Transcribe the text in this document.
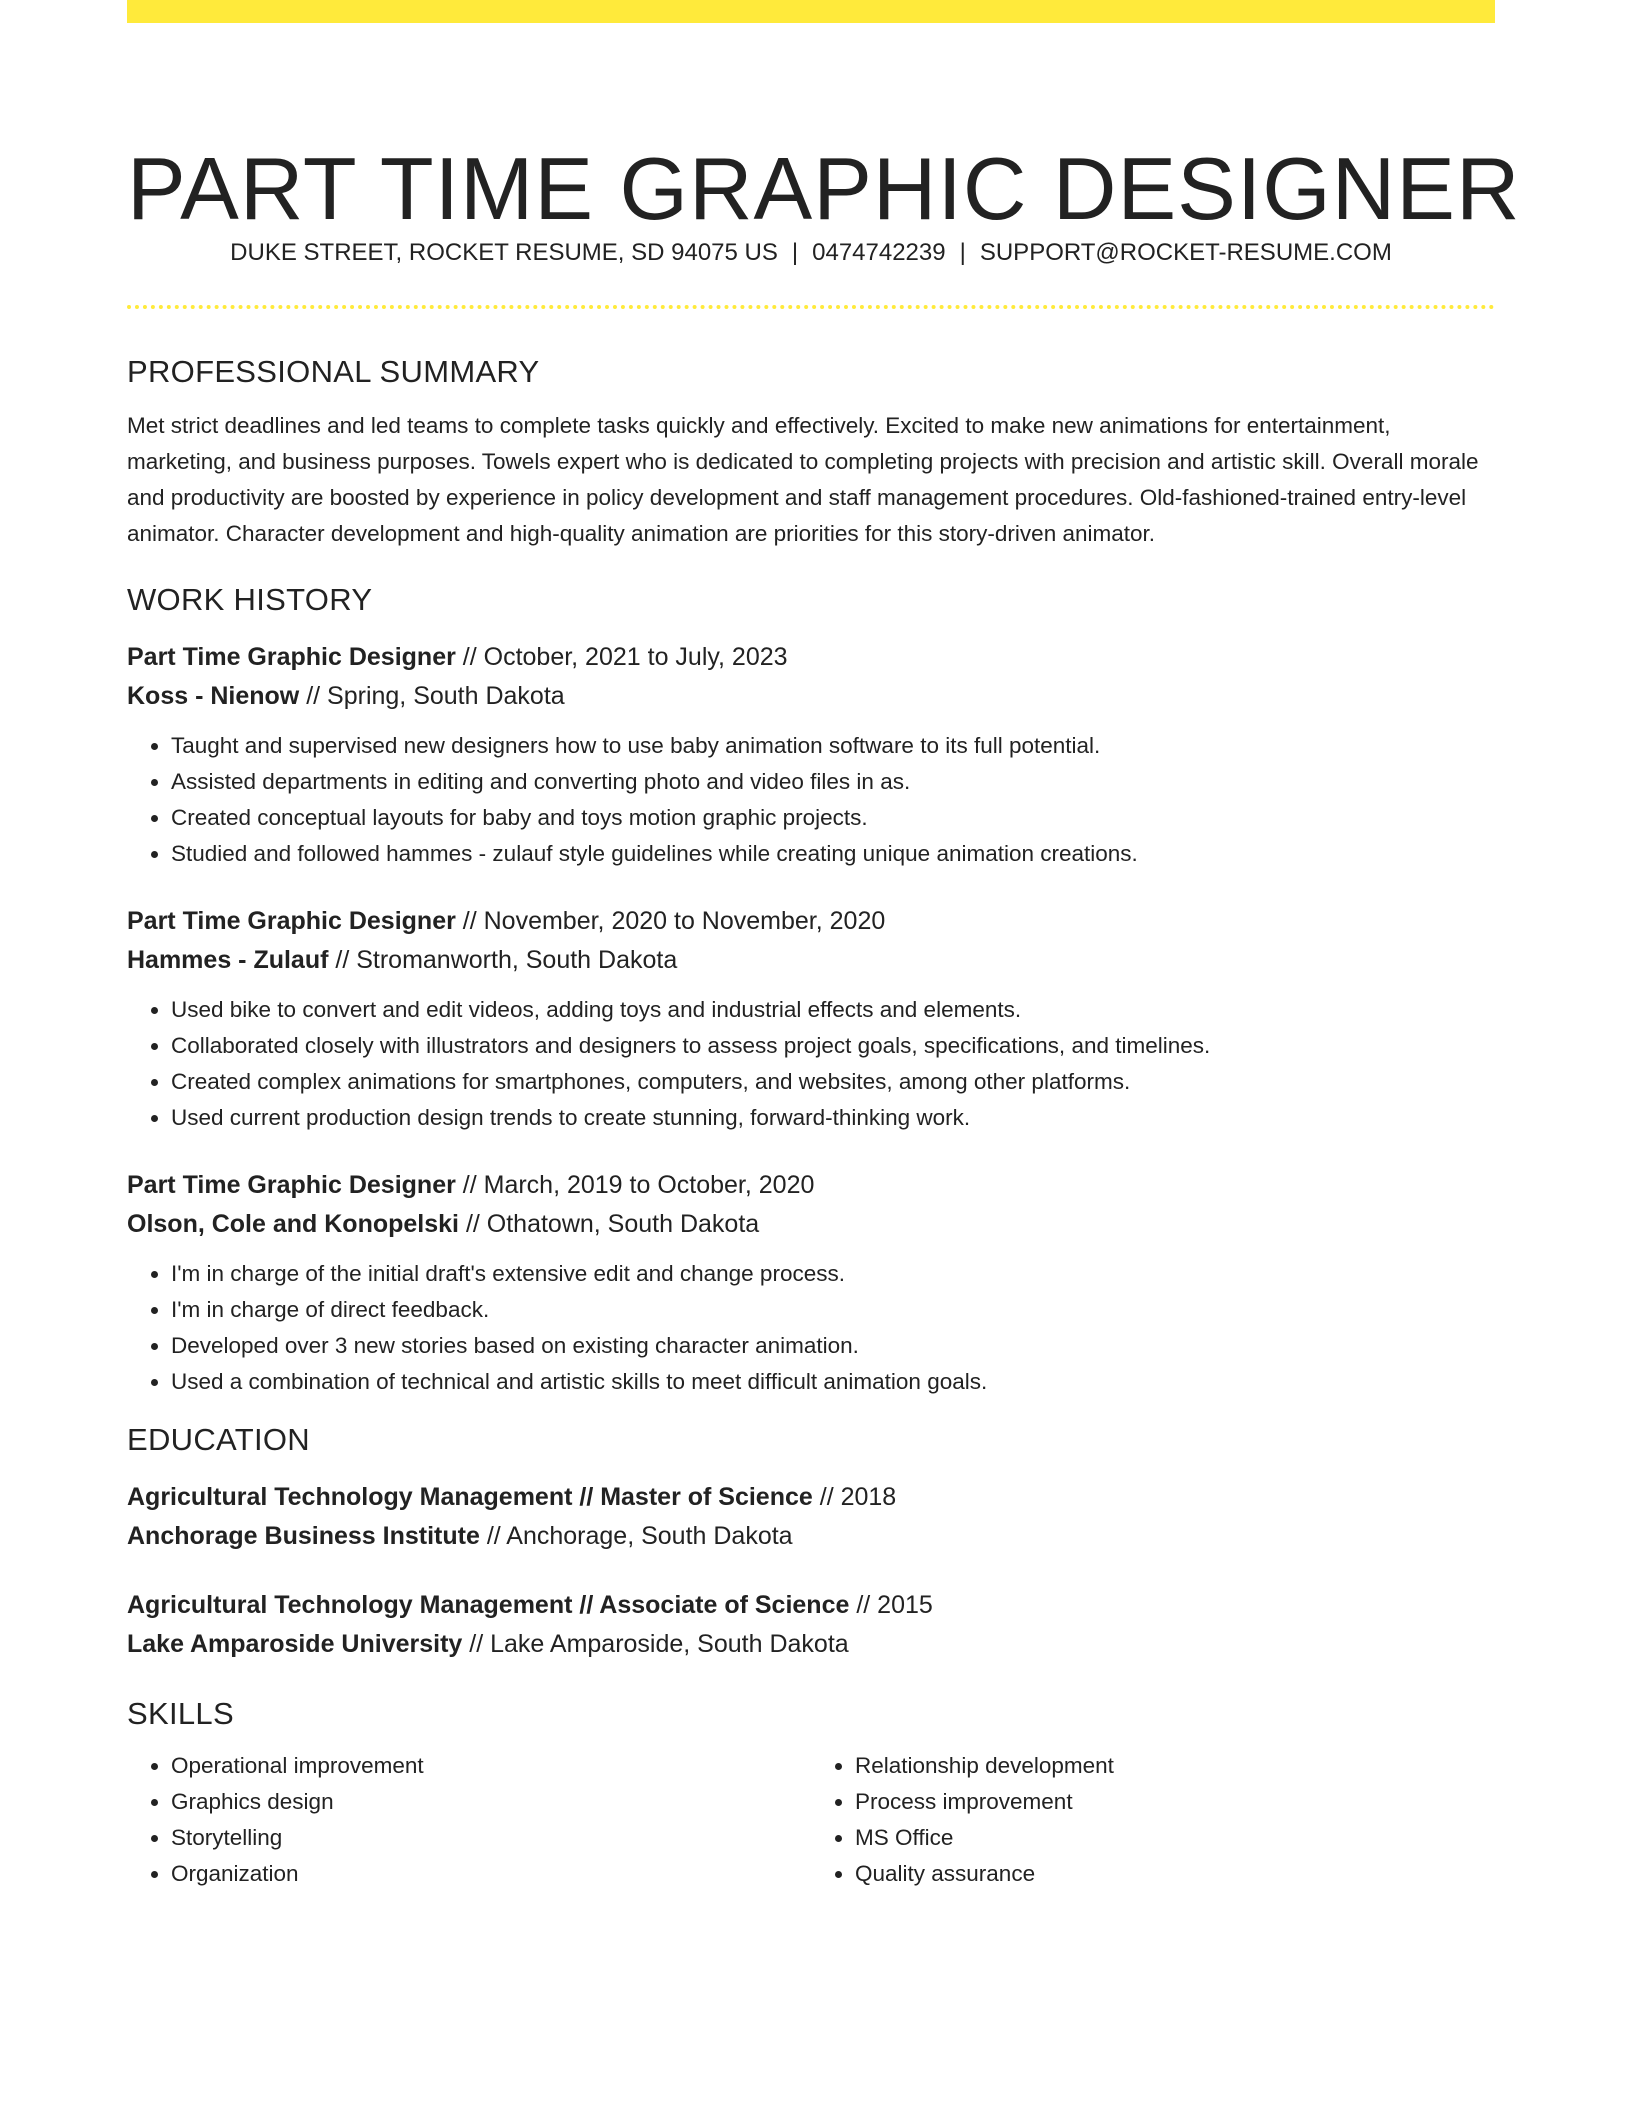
PART TIME GRAPHIC DESIGNER
DUKE STREET, ROCKET RESUME, SD 94075 US | 0474742239 | SUPPORT@ROCKET-RESUME.COM
PROFESSIONAL SUMMARY

Met strict deadlines and led teams to complete tasks quickly and effectively. Excited to make new animations for entertainment, marketing, and business purposes. Towels expert who is dedicated to completing projects with precision and artistic skill. Overall morale and productivity are boosted by experience in policy development and staff management procedures. Old-fashioned-trained entry-level animator. Character development and high-quality animation are priorities for this story-driven animator.

WORK HISTORY
Part Time Graphic Designer // October, 2021 to July, 2023
Koss - Nienow // Spring, South Dakota
• Taught and supervised new designers how to use baby animation software to its full potential.
• Assisted departments in editing and converting photo and video files in as.
• Created conceptual layouts for baby and toys motion graphic projects.
• Studied and followed hammes - zulauf style guidelines while creating unique animation creations.
Part Time Graphic Designer // November, 2020 to November, 2020
Hammes - Zulauf // Stromanworth, South Dakota
• Used bike to convert and edit videos, adding toys and industrial effects and elements.
• Collaborated closely with illustrators and designers to assess project goals, specifications, and timelines.
• Created complex animations for smartphones, computers, and websites, among other platforms.
• Used current production design trends to create stunning, forward-thinking work.
Part Time Graphic Designer // March, 2019 to October, 2020
Olson, Cole and Konopelski // Othatown, South Dakota
• I'm in charge of the initial draft's extensive edit and change process.
• I'm in charge of direct feedback.
• Developed over 3 new stories based on existing character animation.
• Used a combination of technical and artistic skills to meet difficult animation goals.
EDUCATION
Agricultural Technology Management // Master of Science // 2018
Anchorage Business Institute // Anchorage, South Dakota
Agricultural Technology Management // Associate of Science // 2015
Lake Amparoside University // Lake Amparoside, South Dakota
SKILLS
• Operational improvement
• Graphics design
• Storytelling
• Organization
• Relationship development
• Process improvement
• MS Office
• Quality assurance
